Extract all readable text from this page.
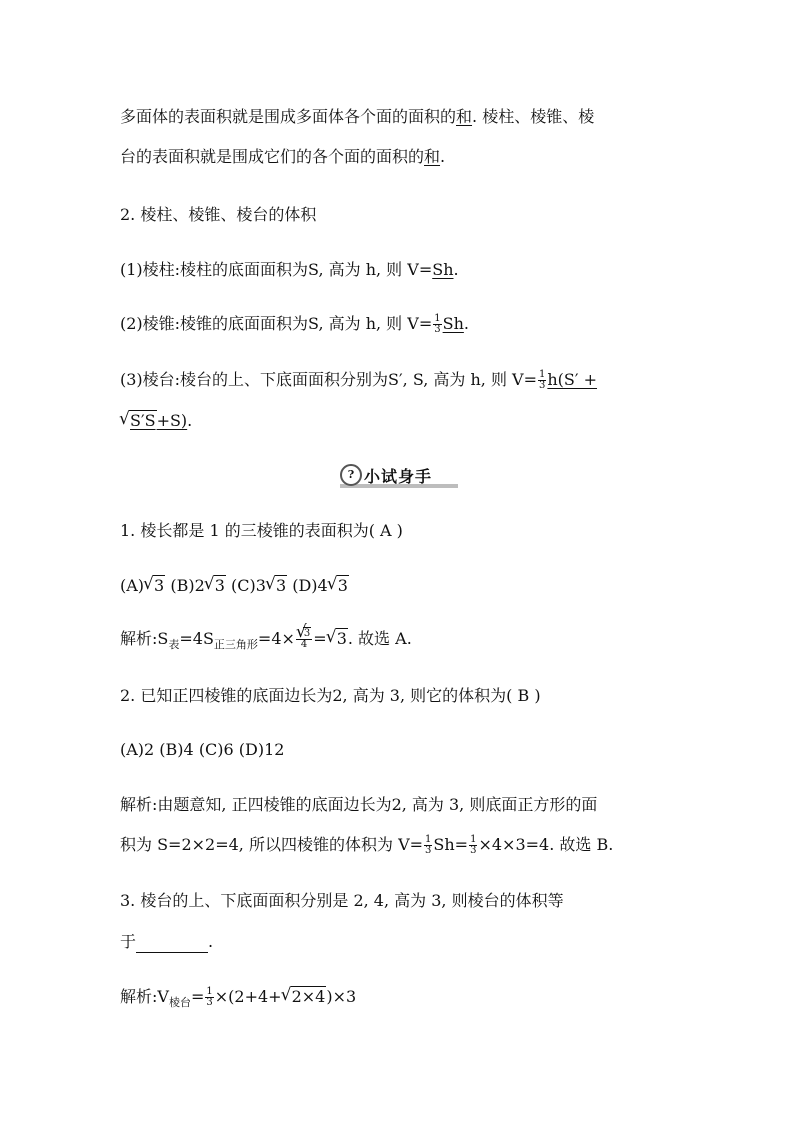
多面体的表面积就是围成多面体各个面的面积的和. 棱柱、棱锥、棱
台的表面积就是围成它们的各个面的面积的和.
2. 棱柱、棱锥、棱台的体积
(1)棱柱:棱柱的底面面积为S, 高为 h, 则 V=Sh.
(2)棱锥:棱锥的底面面积为S, 高为 h, 则 $V= \frac{1}{3} Sh$.
(3)棱台:棱台的上、下底面面积分别为S′, S, 高为 h, 则 $V= \frac{1}{3} h(S'$ +
√ S′S+S).
? 小试身手
1. 棱长都是 1 的三棱锥的表面积为( A )
(A)√ 3 (B)2√ 3 (C)3√ 3 (D)4√ 3
解析$:S_表=4S_{正三角形}=4\times$
√ $\frac{3}{4}$ =√ 3. 故选 A.
2. 已知正四棱锥的底面边长为2, 高为 3, 则它的体积为( B )
(A)2 (B)4 (C)6 (D)12
解析:由题意知, 正四棱锥的底面边长为2, 高为 3, 则底面正方形的面
积为 S=2×2=4, 所以四棱锥的体积为 $V= \frac{1}{3} Sh= \frac{1}{3} \times 4\times 3=4$. 故选 B.
3. 棱台的上、下底面面积分别是 2, 4, 高为 3, 则棱台的体积等
于	.
解析$:V_{棱台}= \frac{1}{3} \times(2+4+√$ 2×4)×3
